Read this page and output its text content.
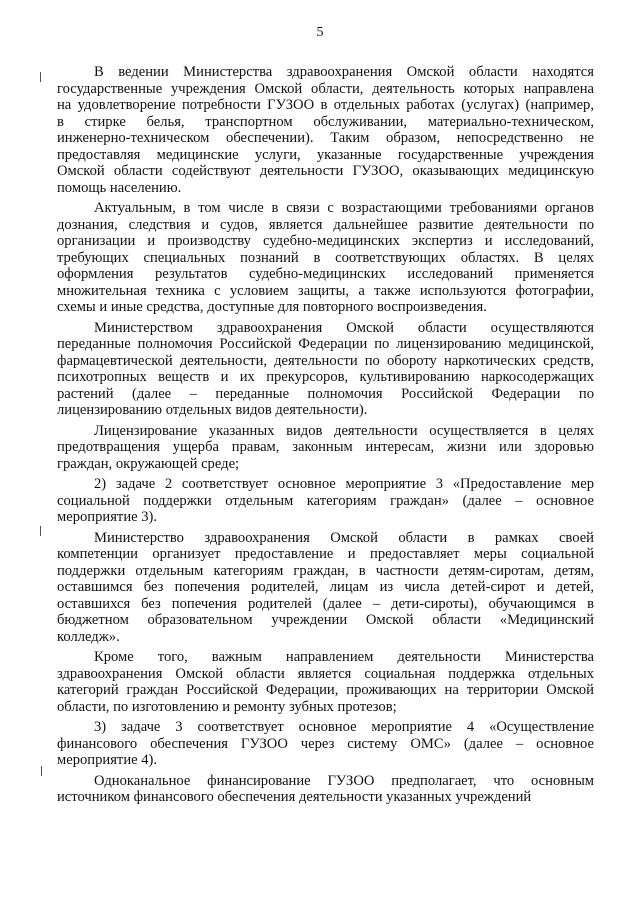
5
В ведении Министерства здравоохранения Омской области находятся
государственные учреждения Омской области, деятельность которых направлена
на удовлетворение потребности ГУЗОО в отдельных работах (услугах) (например,
в стирке белья, транспортном обслуживании, материально-техническом,
инженерно-техническом обеспечении). Таким образом, непосредственно не
предоставляя медицинские услуги, указанные государственные учреждения
Омской области содействуют деятельности ГУЗОО, оказывающих медицинскую
помощь населению.
Актуальным, в том числе в связи с возрастающими требованиями органов
дознания, следствия и судов, является дальнейшее развитие деятельности по
организации и производству судебно-медицинских экспертиз и исследований,
требующих специальных познаний в соответствующих областях. В целях
оформления результатов судебно-медицинских исследований применяется
множительная техника с условием защиты, а также используются фотографии,
схемы и иные средства, доступные для повторного воспроизведения.
Министерством здравоохранения Омской области осуществляются
переданные полномочия Российской Федерации по лицензированию медицинской,
фармацевтической деятельности, деятельности по обороту наркотических средств,
психотропных веществ и их прекурсоров, культивированию наркосодержащих
растений (далее – переданные полномочия Российской Федерации по
лицензированию отдельных видов деятельности).
Лицензирование указанных видов деятельности осуществляется в целях
предотвращения ущерба правам, законным интересам, жизни или здоровью
граждан, окружающей среде;
2) задаче 2 соответствует основное мероприятие 3 «Предоставление мер
социальной поддержки отдельным категориям граждан» (далее – основное
мероприятие 3).
Министерство здравоохранения Омской области в рамках своей
компетенции организует предоставление и предоставляет меры социальной
поддержки отдельным категориям граждан, в частности детям-сиротам, детям,
оставшимся без попечения родителей, лицам из числа детей-сирот и детей,
оставшихся без попечения родителей (далее – дети-сироты), обучающимся в
бюджетном образовательном учреждении Омской области «Медицинский
колледж».
Кроме того, важным направлением деятельности Министерства
здравоохранения Омской области является социальная поддержка отдельных
категорий граждан Российской Федерации, проживающих на территории Омской
области, по изготовлению и ремонту зубных протезов;
3) задаче 3 соответствует основное мероприятие 4 «Осуществление
финансового обеспечения ГУЗОО через систему ОМС» (далее – основное
мероприятие 4).
Одноканальное финансирование ГУЗОО предполагает, что основным
источником финансового обеспечения деятельности указанных учреждений
